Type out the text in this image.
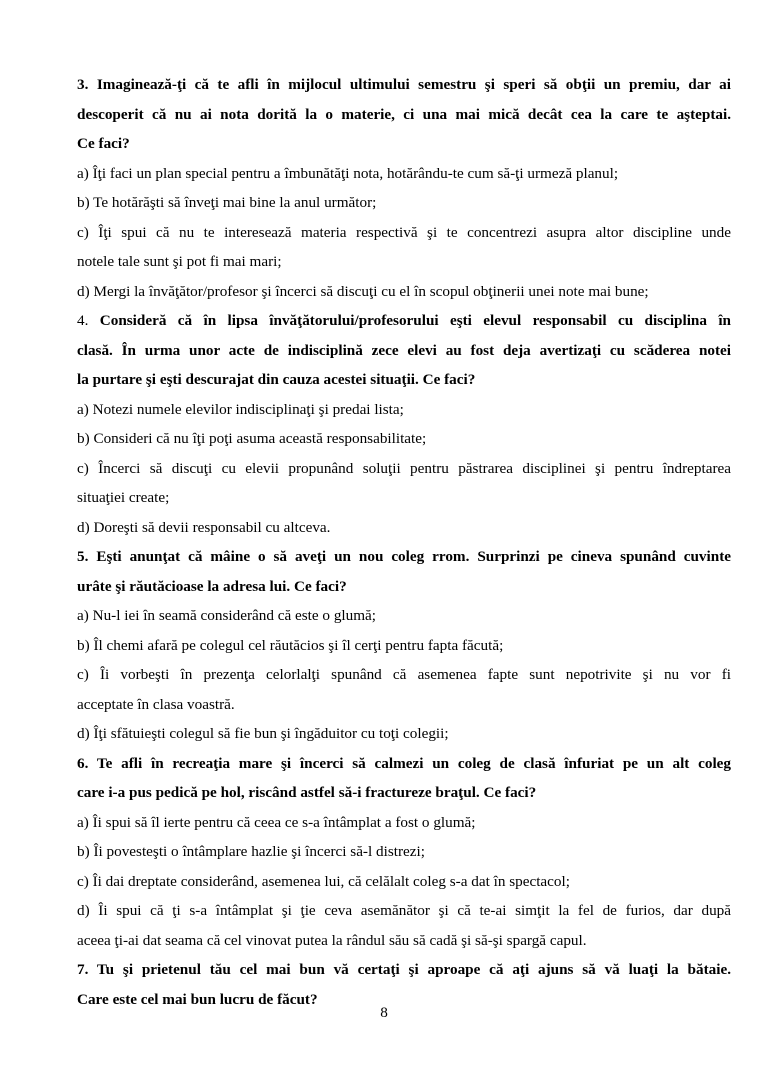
3. Imaginează-ţi că te afli în mijlocul ultimului semestru şi speri să obţii un premiu, dar ai
descoperit că nu ai nota dorită la o materie, ci una mai mică decât cea la care te aşteptai.
Ce faci?
a) Îţi faci un plan special pentru a îmbunătăţi nota, hotărându-te cum să-ţi urmeză planul;
b) Te hotărăşti să înveţi mai bine la anul următor;
c) Îţi spui că nu te interesează materia respectivă şi te concentrezi asupra altor discipline unde
notele tale sunt şi pot fi mai mari;
d) Mergi la învăţător/profesor şi încerci să discuţi cu el în scopul obţinerii unei note mai bune;
4. Consideră că în lipsa învăţătorului/profesorului eşti elevul responsabil cu disciplina în
clasă. În urma unor acte de indisciplină zece elevi au fost deja avertizaţi cu scăderea notei
la purtare şi eşti descurajat din cauza acestei situaţii. Ce faci?
a) Notezi numele elevilor indisciplinaţi şi predai lista;
b) Consideri că nu îţi poţi asuma această responsabilitate;
c) Încerci să discuţi cu elevii propunând soluţii pentru păstrarea disciplinei şi pentru îndreptarea
situaţiei create;
d) Doreşti să devii responsabil cu altceva.
5. Eşti anunţat că mâine o să aveţi un nou coleg rrom. Surprinzi pe cineva spunând cuvinte
urâte şi răutăcioase la adresa lui. Ce faci?
a) Nu-l iei în seamă considerând că este o glumă;
b) Îl chemi afară pe colegul cel răutăcios şi îl cerţi pentru fapta făcută;
c) Îi vorbeşti în prezenţa celorlalţi spunând că asemenea fapte sunt nepotrivite şi nu vor fi
acceptate în clasa voastră.
d) Îţi sfătuieşti colegul să fie bun şi îngăduitor cu toţi colegii;
6. Te afli în recreaţia mare şi încerci să calmezi un coleg de clasă înfuriat pe un alt coleg
care i-a pus pedică pe hol, riscând astfel să-i fractureze braţul. Ce faci?
a) Îi spui să îl ierte pentru că ceea ce s-a întâmplat a fost o glumă;
b) Îi povesteşti o întâmplare hazlie şi încerci să-l distrezi;
c) Îi dai dreptate considerând, asemenea lui, că celălalt coleg s-a dat în spectacol;
d) Îi spui că ţi s-a întâmplat şi ţie ceva asemănător şi că te-ai simţit la fel de furios, dar după
aceea ţi-ai dat seama că cel vinovat putea la rândul său să cadă şi să-şi spargă capul.
7. Tu şi prietenul tău cel mai bun vă certaţi şi aproape că aţi ajuns să vă luaţi la bătaie.
Care este cel mai bun lucru de făcut?
8
